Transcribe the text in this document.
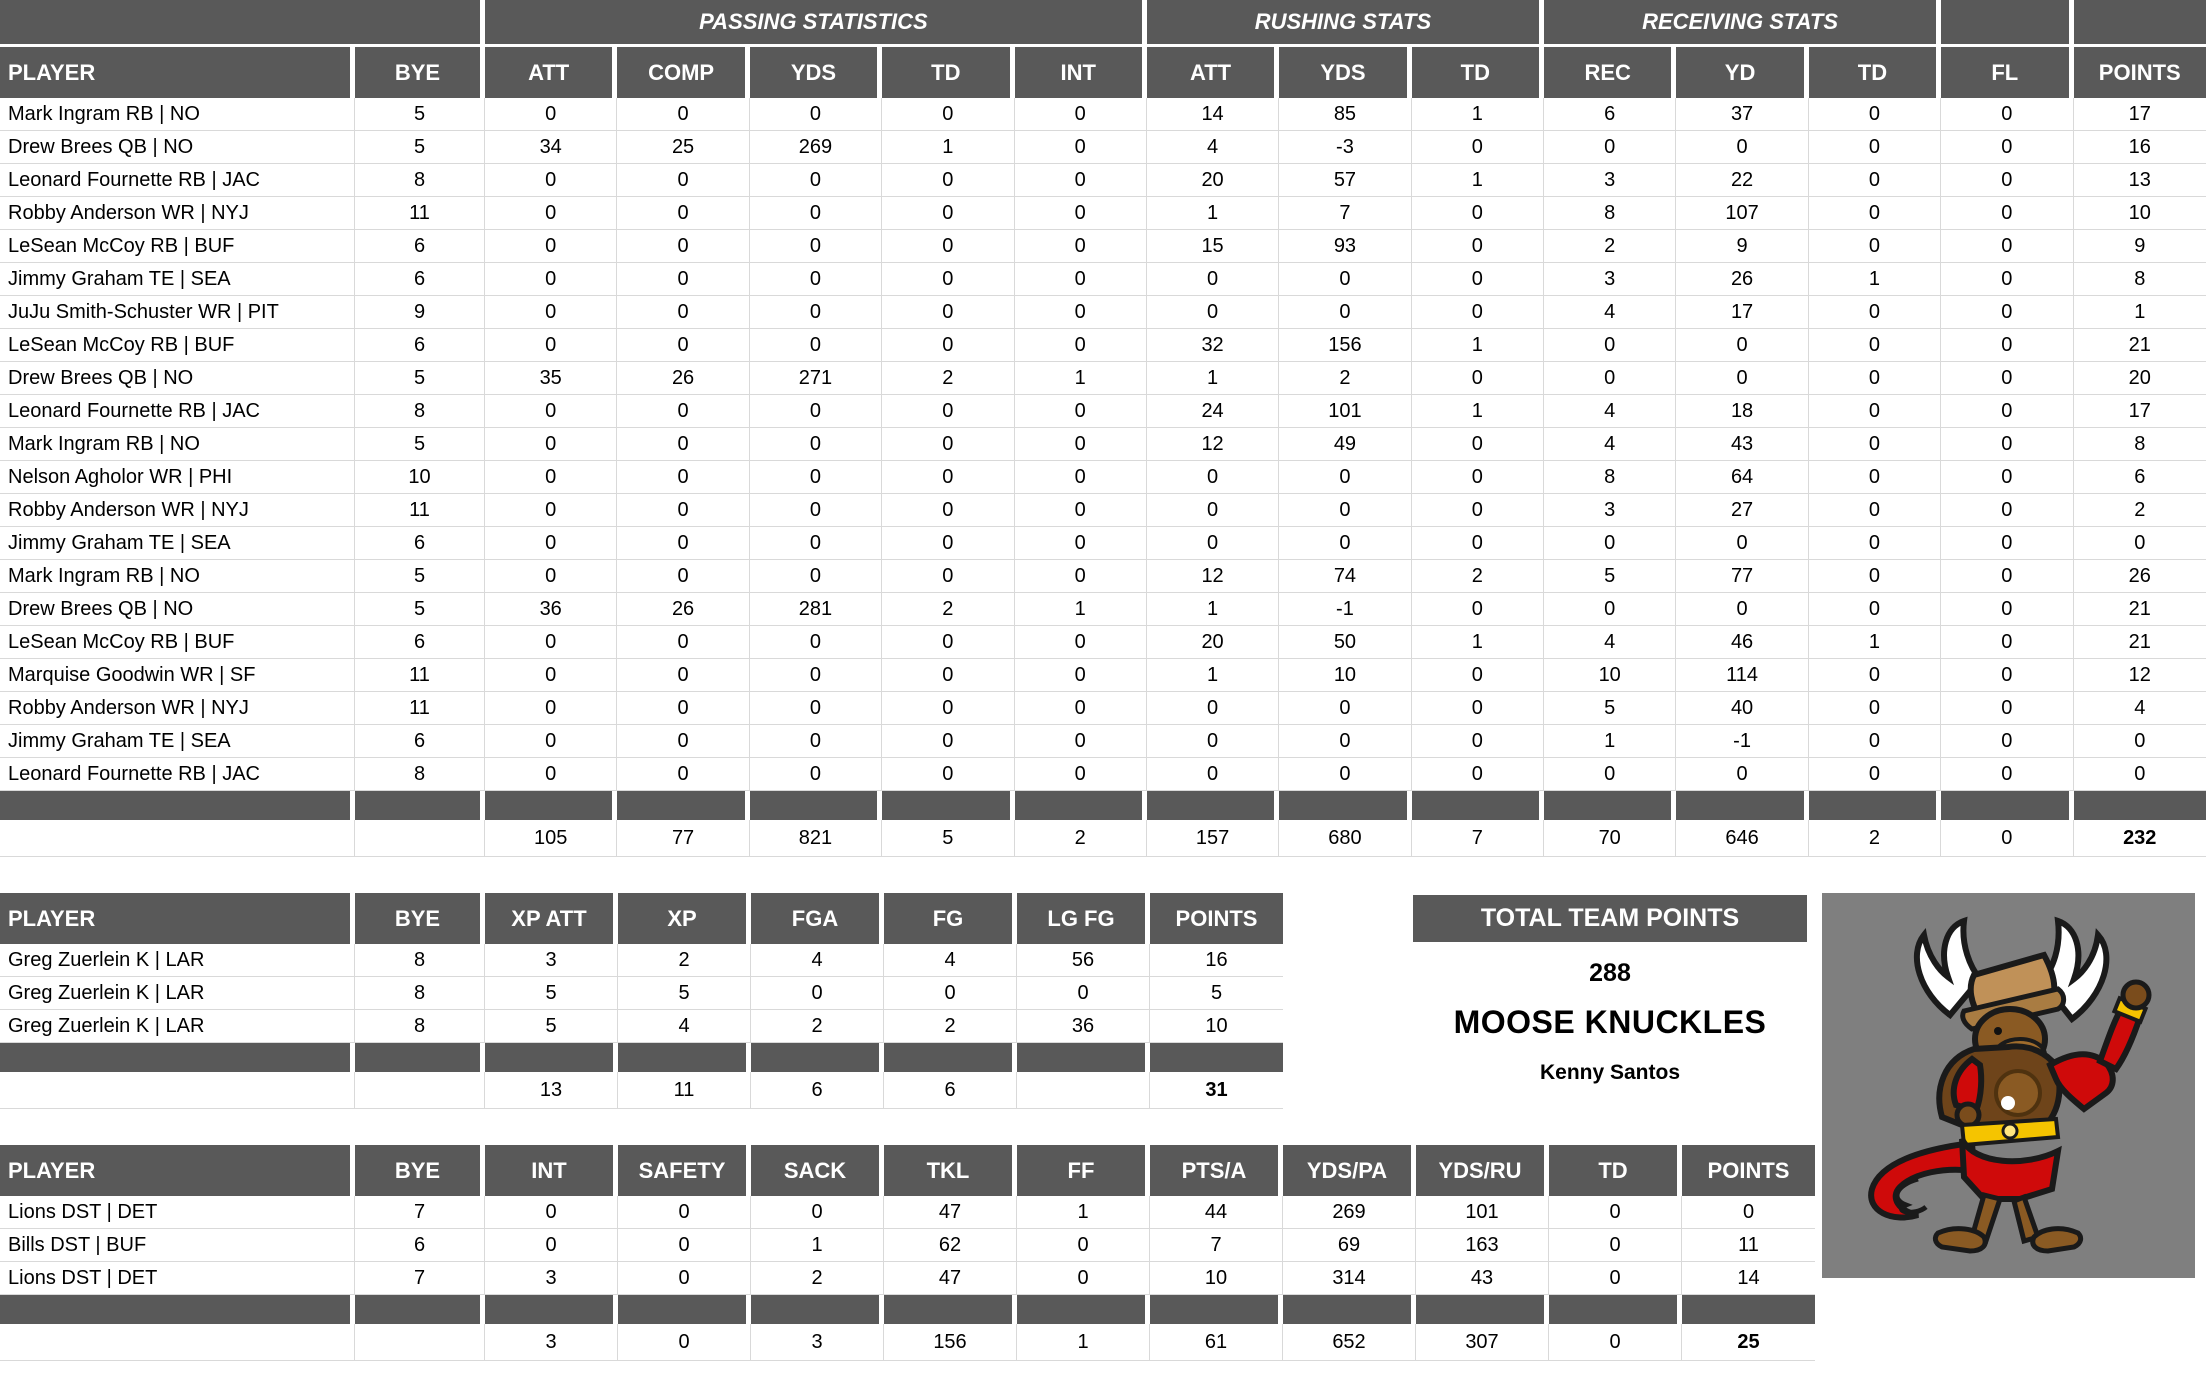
		PASSING STATISTICS					RUSHING STATS			RECEIVING STATS				
PLAYER	BYE	ATT	COMP	YDS	TD	INT	ATT	YDS	TD	REC	YD	TD	FL	POINTS
Mark Ingram RB | NO	5	0	0	0	0	0	14	85	1	6	37	0	0	17
Drew Brees QB | NO	5	34	25	269	1	0	4	-3	0	0	0	0	0	16
Leonard Fournette RB | JAC	8	0	0	0	0	0	20	57	1	3	22	0	0	13
Robby Anderson WR | NYJ	11	0	0	0	0	0	1	7	0	8	107	0	0	10
LeSean McCoy RB | BUF	6	0	0	0	0	0	15	93	0	2	9	0	0	9
Jimmy Graham TE | SEA	6	0	0	0	0	0	0	0	0	3	26	1	0	8
JuJu Smith-Schuster WR | PIT	9	0	0	0	0	0	0	0	0	4	17	0	0	1
LeSean McCoy RB | BUF	6	0	0	0	0	0	32	156	1	0	0	0	0	21
Drew Brees QB | NO	5	35	26	271	2	1	1	2	0	0	0	0	0	20
Leonard Fournette RB | JAC	8	0	0	0	0	0	24	101	1	4	18	0	0	17
Mark Ingram RB | NO	5	0	0	0	0	0	12	49	0	4	43	0	0	8
Nelson Agholor WR | PHI	10	0	0	0	0	0	0	0	0	8	64	0	0	6
Robby Anderson WR | NYJ	11	0	0	0	0	0	0	0	0	3	27	0	0	2
Jimmy Graham TE | SEA	6	0	0	0	0	0	0	0	0	0	0	0	0	0
Mark Ingram RB | NO	5	0	0	0	0	0	12	74	2	5	77	0	0	26
Drew Brees QB | NO	5	36	26	281	2	1	1	-1	0	0	0	0	0	21
LeSean McCoy RB | BUF	6	0	0	0	0	0	20	50	1	4	46	1	0	21
Marquise Goodwin WR | SF	11	0	0	0	0	0	1	10	0	10	114	0	0	12
Robby Anderson WR | NYJ	11	0	0	0	0	0	0	0	0	5	40	0	0	4
Jimmy Graham TE | SEA	6	0	0	0	0	0	0	0	0	1	-1	0	0	0
Leonard Fournette RB | JAC	8	0	0	0	0	0	0	0	0	0	0	0	0	0

		105	77	821	5	2	157	680	7	70	646	2	0	232
PLAYER	BYE	XP ATT	XP	FGA	FG	LG FG	POINTS
Greg Zuerlein K | LAR	8	3	2	4	4	56	16
Greg Zuerlein K | LAR	8	5	5	0	0	0	5
Greg Zuerlein K | LAR	8	5	4	2	2	36	10

		13	11	6	6		31
PLAYER	BYE	INT	SAFETY	SACK	TKL	FF	PTS/A	YDS/PA	YDS/RU	TD	POINTS
Lions DST | DET	7	0	0	0	47	1	44	269	101	0	0
Bills DST | BUF	6	0	0	1	62	0	7	69	163	0	11
Lions DST | DET	7	3	0	2	47	0	10	314	43	0	14

		3	0	3	156	1	61	652	307	0	25
TOTAL TEAM POINTS
288
MOOSE KNUCKLES
Kenny Santos
